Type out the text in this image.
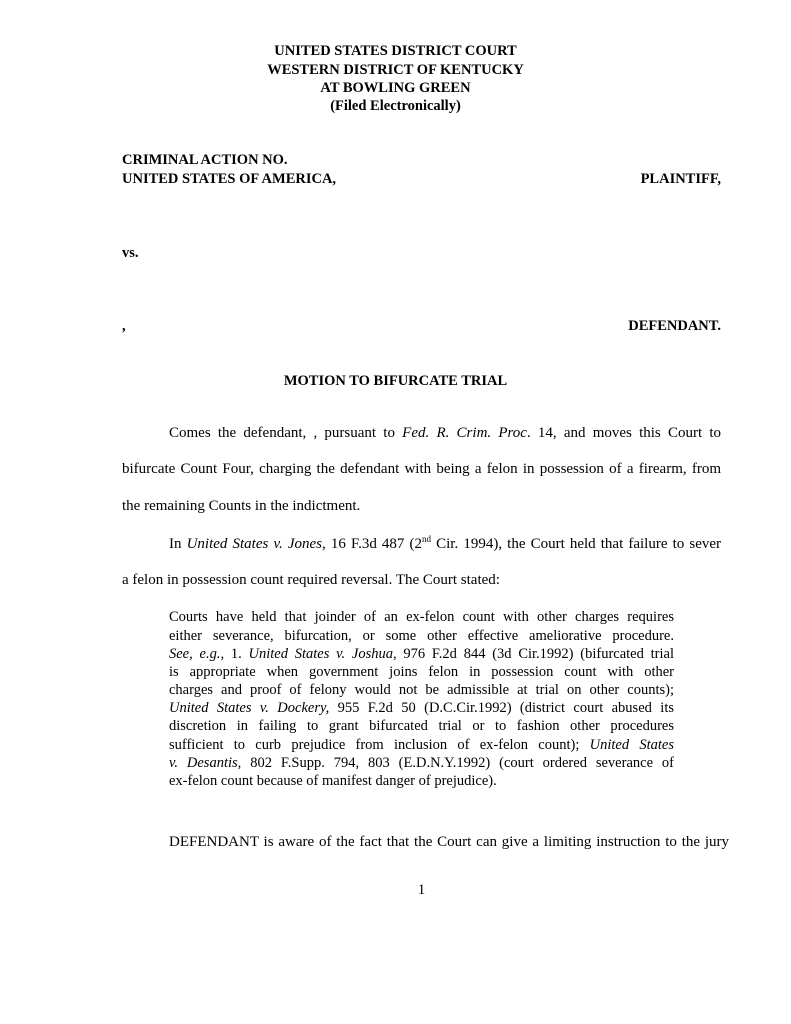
UNITED STATES DISTRICT COURT
WESTERN DISTRICT OF KENTUCKY
AT BOWLING GREEN
(Filed Electronically)
CRIMINAL ACTION NO.
UNITED STATES OF AMERICA,	PLAINTIFF,
vs.
,	DEFENDANT.
MOTION TO BIFURCATE TRIAL
Comes the defendant, , pursuant to Fed. R. Crim. Proc. 14, and moves this Court to
bifurcate Count Four, charging the defendant with being a felon in possession of a firearm, from
the remaining Counts in the indictment.
In United States v. Jones, 16 F.3d 487 (2nd Cir. 1994), the Court held that failure to sever
a felon in possession count required reversal. The Court stated:
Courts have held that joinder of an ex-felon count with other charges requires
either severance, bifurcation, or some other effective ameliorative procedure.
See, e.g., 1. United States v. Joshua, 976 F.2d 844 (3d Cir.1992) (bifurcated trial
is appropriate when government joins felon in possession count with other
charges and proof of felony would not be admissible at trial on other counts);
United States v. Dockery, 955 F.2d 50 (D.C.Cir.1992) (district court abused its
discretion in failing to grant bifurcated trial or to fashion other procedures
sufficient to curb prejudice from inclusion of ex-felon count); United States
v. Desantis, 802 F.Supp. 794, 803 (E.D.N.Y.1992) (court ordered severance of
ex-felon count because of manifest danger of prejudice).
DEFENDANT is aware of the fact that the Court can give a limiting instruction to the jury
1
